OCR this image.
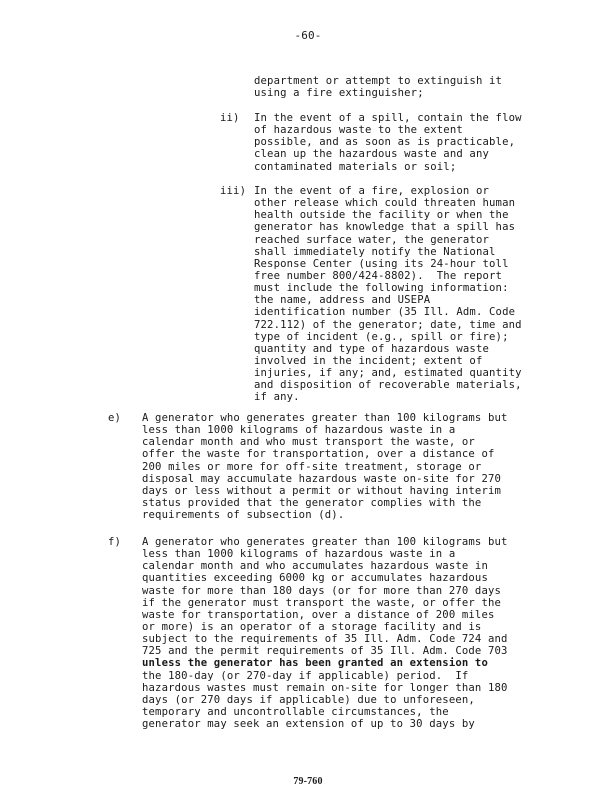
-60-
department or attempt to extinguish it
using a fire extinguisher;
ii) In the event of a spill, contain the flow
of hazardous waste to the extent
possible, and as soon as is practicable,
clean up the hazardous waste and any
contaminated materials or soil;
iii) In the event of a fire, explosion or
other release which could threaten human
health outside the facility or when the
generator has knowledge that a spill has
reached surface water, the generator
shall immediately notify the National
Response Center (using its 24-hour toll
free number 800/424-8802).  The report
must include the following information:
the name, address and USEPA
identification number (35 Ill. Adm. Code
722.112) of the generator; date, time and
type of incident (e.g., spill or fire);
quantity and type of hazardous waste
involved in the incident; extent of
injuries, if any; and, estimated quantity
and disposition of recoverable materials,
if any.
e) A generator who generates greater than 100 kilograms but
less than 1000 kilograms of hazardous waste in a
calendar month and who must transport the waste, or
offer the waste for transportation, over a distance of
200 miles or more for off-site treatment, storage or
disposal may accumulate hazardous waste on-site for 270
days or less without a permit or without having interim
status provided that the generator complies with the
requirements of subsection (d).
f) A generator who generates greater than 100 kilograms but
less than 1000 kilograms of hazardous waste in a
calendar month and who accumulates hazardous waste in
quantities exceeding 6000 kg or accumulates hazardous
waste for more than 180 days (or for more than 270 days
if the generator must transport the waste, or offer the
waste for transportation, over a distance of 200 miles
or more) is an operator of a storage facility and is
subject to the requirements of 35 Ill. Adm. Code 724 and
725 and the permit requirements of 35 Ill. Adm. Code 703
unless the generator has been granted an extension to
the 180-day (or 270-day if applicable) period.  If
hazardous wastes must remain on-site for longer than 180
days (or 270 days if applicable) due to unforeseen,
temporary and uncontrollable circumstances, the
generator may seek an extension of up to 30 days by
79-760
